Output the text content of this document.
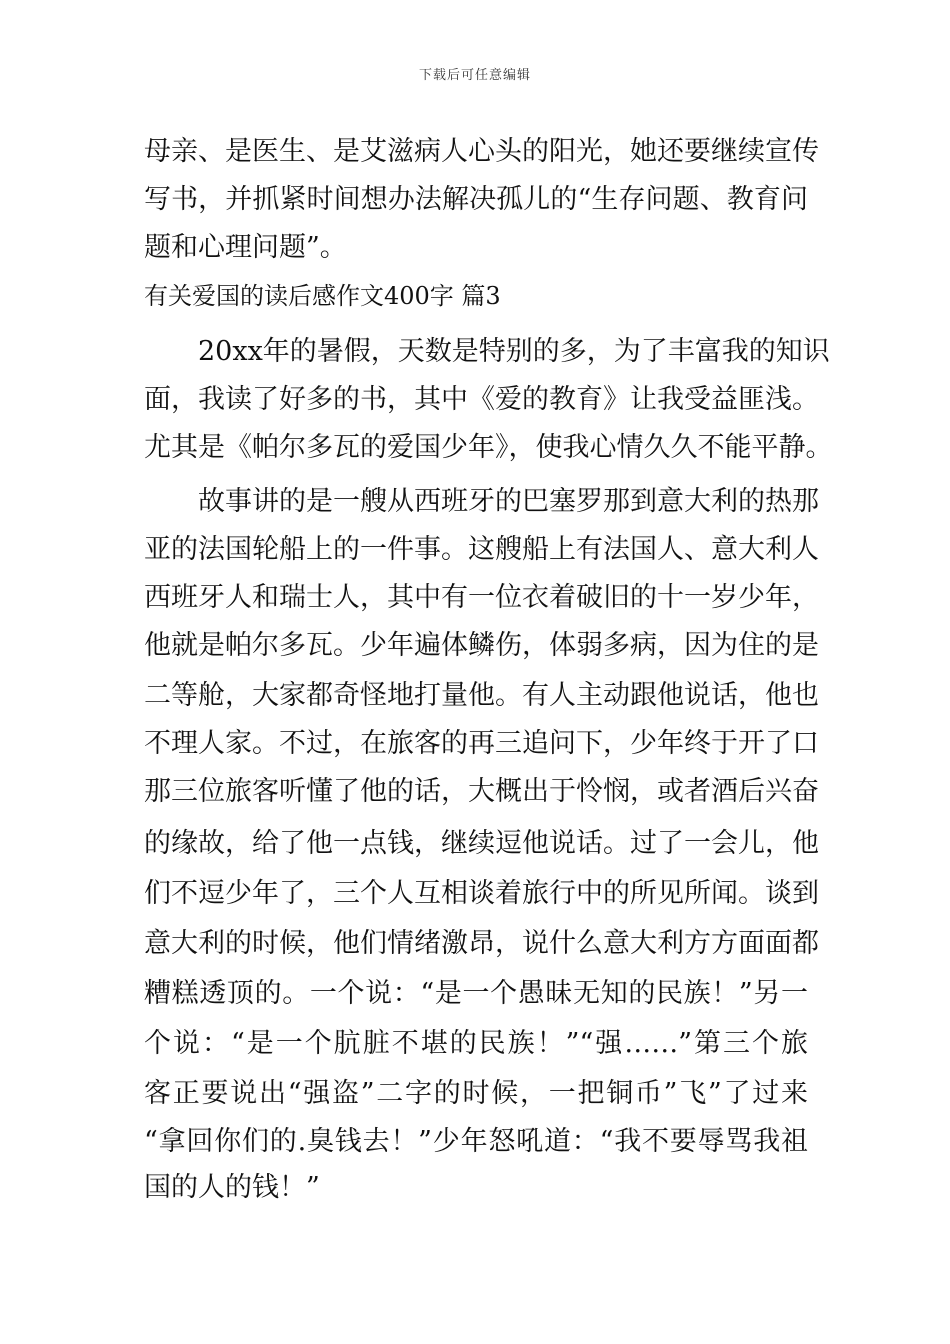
下载后可任意编辑
母亲、是医生、是艾滋病人心头的阳光，她还要继续宣传
写书，并抓紧时间想办法解决孤儿的“生存问题、教育问
题和心理问题”。
有关爱国的读后感作文400字 篇3
20xx年的暑假，天数是特别的多，为了丰富我的知识
面，我读了好多的书，其中《爱的教育》让我受益匪浅。
尤其是《帕尔多瓦的爱国少年》，使我心情久久不能平静。
故事讲的是一艘从西班牙的巴塞罗那到意大利的热那
亚的法国轮船上的一件事。这艘船上有法国人、意大利人
西班牙人和瑞士人，其中有一位衣着破旧的十一岁少年，
他就是帕尔多瓦。少年遍体鳞伤，体弱多病，因为住的是
二等舱，大家都奇怪地打量他。有人主动跟他说话，他也
不理人家。不过，在旅客的再三追问下，少年终于开了口
那三位旅客听懂了他的话，大概出于怜悯，或者酒后兴奋
的缘故，给了他一点钱，继续逗他说话。过了一会儿，他
们不逗少年了，三个人互相谈着旅行中的所见所闻。谈到
意大利的时候，他们情绪激昂，说什么意大利方方面面都
糟糕透顶的。一个说：“是一个愚昧无知的民族！”另一
个说：“是一个肮脏不堪的民族！”“强……”第三个旅
客正要说出“强盗”二字的时候，一把铜币”飞”了过来
“拿回你们的.臭钱去！”少年怒吼道：“我不要辱骂我祖
国的人的钱！”
